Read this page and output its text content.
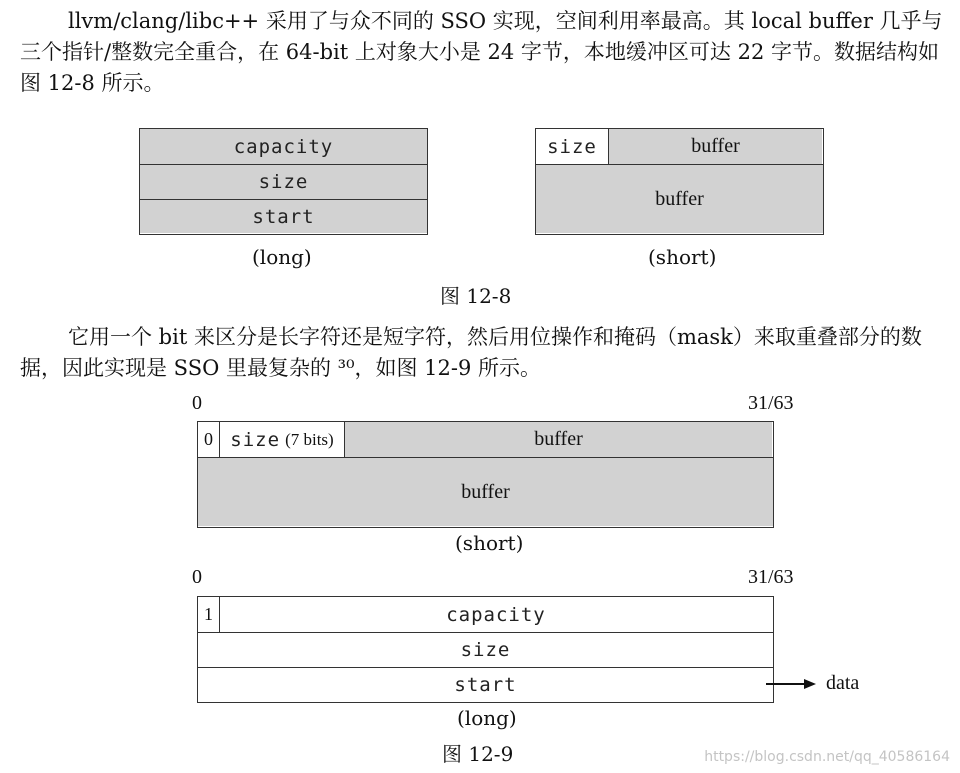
llvm/clang/libc++ 采用了与众不同的 SSO 实现，空间利用率最高。其 local buffer 几乎与三个指针/整数完全重合，在 64-bit 上对象大小是 24 字节，本地缓冲区可达 22 字节。数据结构如图 12-8 所示。

capacity
size
start
(long)
size	buffer
buffer
(short)
图 12-8

它用一个 bit 来区分是长字符还是短字符，然后用位操作和掩码（mask）来取重叠部分的数据，因此实现是 SSO 里最复杂的 ³⁰，如图 12-9 所示。

0	31/63
0 size (7 bits)	buffer
buffer
(short)
0	31/63
1	capacity
size
start	data
(long)
图 12-9	https://blog.csdn.net/qq_40586164
